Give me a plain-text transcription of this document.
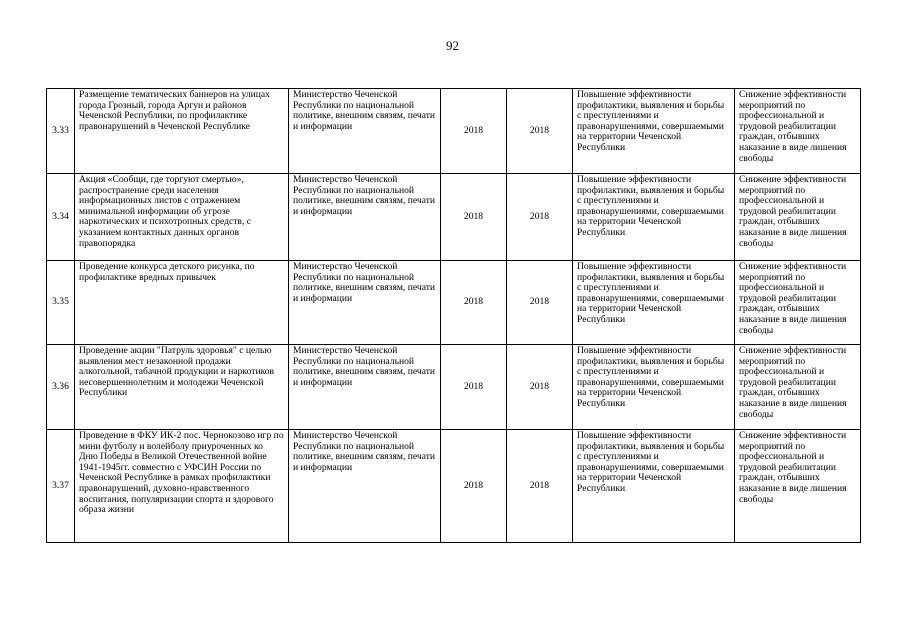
92
3.33	Размещение тематических баннеров на улицах города Грозный, города Аргун и районов Чеченской Республики, по профилактике правонарушений в Чеченской Республике	Министерство Чеченской Республики по национальной политике, внешним связям, печати и информации	2018	2018	Повышение эффективности профилактики, выявления и борьбы с преступлениями и правонарушениями, совершаемыми на территории Чеченской Республики	Снижение эффективности мероприятий по профессиональной и трудовой реабилитации граждан, отбывших наказание в виде лишения свободы
3.34	Акция «Сообщи, где торгуют смертью», распространение среди населения информационных листов с отражением минимальной информации об угрозе наркотических и психотропных средств, с указанием контактных данных органов правопорядка	Министерство Чеченской Республики по национальной политике, внешним связям, печати и информации	2018	2018	Повышение эффективности профилактики, выявления и борьбы с преступлениями и правонарушениями, совершаемыми на территории Чеченской Республики	Снижение эффективности мероприятий по профессиональной и трудовой реабилитации граждан, отбывших наказание в виде лишения свободы
3.35	Проведение конкурса детского рисунка, по профилактике вредных привычек	Министерство Чеченской Республики по национальной политике, внешним связям, печати и информации	2018	2018	Повышение эффективности профилактики, выявления и борьбы с преступлениями и правонарушениями, совершаемыми на территории Чеченской Республики	Снижение эффективности мероприятий по профессиональной и трудовой реабилитации граждан, отбывших наказание в виде лишения свободы
3.36	Проведение акции "Патруль здоровья" с целью выявления мест незаконной продажи алкогольной, табачной продукции и наркотиков несовершеннолетним и молодежи Чеченской Республики	Министерство Чеченской Республики по национальной политике, внешним связям, печати и информации	2018	2018	Повышение эффективности профилактики, выявления и борьбы с преступлениями и правонарушениями, совершаемыми на территории Чеченской Республики	Снижение эффективности мероприятий по профессиональной и трудовой реабилитации граждан, отбывших наказание в виде лишения свободы
3.37	Проведение в ФКУ ИК-2 пос. Чернокозово игр по мини футболу и волейболу приуроченных ко Дню Победы в Великой Отечественной войне 1941-1945гг. совместно с УФСИН России по Чеченской Республике в рамках профилактики правонарушений, духовно-нравственного воспитания, популяризации спорта и здорового образа жизни	Министерство Чеченской Республики по национальной политике, внешним связям, печати и информации	2018	2018	Повышение эффективности профилактики, выявления и борьбы с преступлениями и правонарушениями, совершаемыми на территории Чеченской Республики	Снижение эффективности мероприятий по профессиональной и трудовой реабилитации граждан, отбывших наказание в виде лишения свободы
